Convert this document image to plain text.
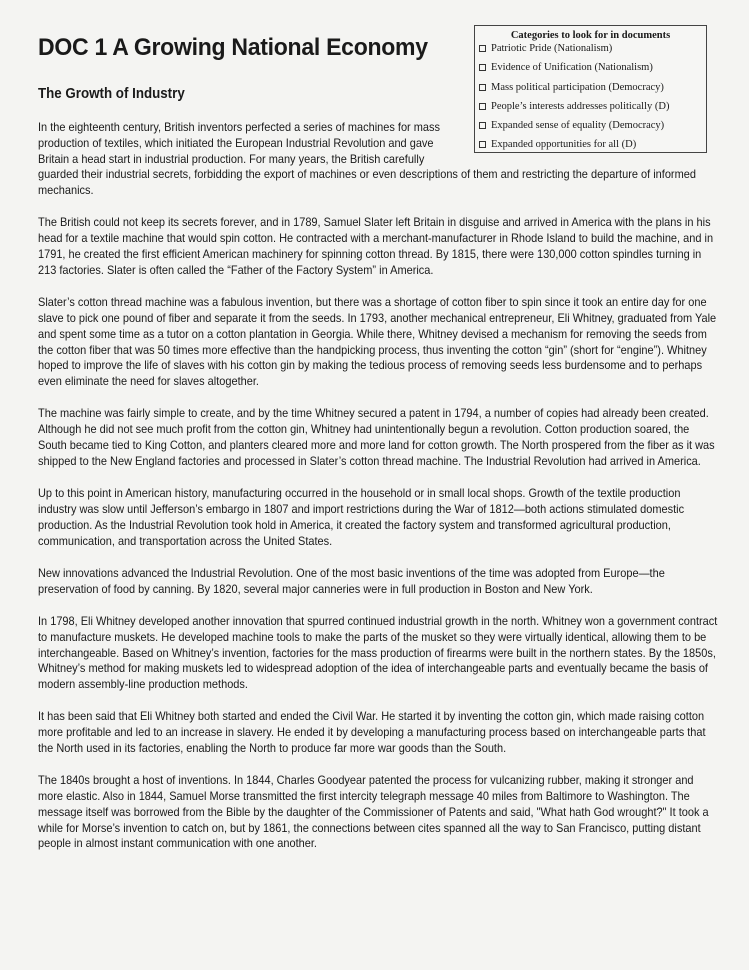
DOC 1 A Growing National Economy
The Growth of Industry
Categories to look for in documents
Patriotic Pride (Nationalism)
Evidence of Unification (Nationalism)
Mass political participation (Democracy)
People’s interests addresses politically (D)
Expanded sense of equality (Democracy)
Expanded opportunities for all (D)

In the eighteenth century, British inventors perfected a series of machines for mass production of textiles, which initiated the European Industrial Revolution and gave Britain a head start in industrial production. For many years, the British carefully guarded their industrial secrets, forbidding the export of machines or even descriptions of them and restricting the departure of informed mechanics.

The British could not keep its secrets forever, and in 1789, Samuel Slater left Britain in disguise and arrived in America with the plans in his head for a textile machine that would spin cotton. He contracted with a merchant-manufacturer in Rhode Island to build the machine, and in 1791, he created the first efficient American machinery for spinning cotton thread. By 1815, there were 130,000 cotton spindles turning in 213 factories. Slater is often called the “Father of the Factory System” in America.

Slater’s cotton thread machine was a fabulous invention, but there was a shortage of cotton fiber to spin since it took an entire day for one slave to pick one pound of fiber and separate it from the seeds. In 1793, another mechanical entrepreneur, Eli Whitney, graduated from Yale and spent some time as a tutor on a cotton plantation in Georgia. While there, Whitney devised a mechanism for removing the seeds from the cotton fiber that was 50 times more effective than the handpicking process, thus inventing the cotton “gin” (short for “engine”). Whitney hoped to improve the life of slaves with his cotton gin by making the tedious process of removing seeds less burdensome and to perhaps even eliminate the need for slaves altogether.

The machine was fairly simple to create, and by the time Whitney secured a patent in 1794, a number of copies had already been created. Although he did not see much profit from the cotton gin, Whitney had unintentionally begun a revolution. Cotton production soared, the South became tied to King Cotton, and planters cleared more and more land for cotton growth. The North prospered from the fiber as it was shipped to the New England factories and processed in Slater’s cotton thread machine. The Industrial Revolution had arrived in America.

Up to this point in American history, manufacturing occurred in the household or in small local shops. Growth of the textile production industry was slow until Jefferson’s embargo in 1807 and import restrictions during the War of 1812—both actions stimulated domestic production. As the Industrial Revolution took hold in America, it created the factory system and transformed agricultural production, communication, and transportation across the United States.

New innovations advanced the Industrial Revolution. One of the most basic inventions of the time was adopted from Europe—the preservation of food by canning. By 1820, several major canneries were in full production in Boston and New York.

In 1798, Eli Whitney developed another innovation that spurred continued industrial growth in the north. Whitney won a government contract to manufacture muskets. He developed machine tools to make the parts of the musket so they were virtually identical, allowing them to be interchangeable. Based on Whitney’s invention, factories for the mass production of firearms were built in the northern states. By the 1850s, Whitney’s method for making muskets led to widespread adoption of the idea of interchangeable parts and eventually became the basis of modern assembly-line production methods.

It has been said that Eli Whitney both started and ended the Civil War. He started it by inventing the cotton gin, which made raising cotton more profitable and led to an increase in slavery. He ended it by developing a manufacturing process based on interchangeable parts that the North used in its factories, enabling the North to produce far more war goods than the South.

The 1840s brought a host of inventions. In 1844, Charles Goodyear patented the process for vulcanizing rubber, making it stronger and more elastic. Also in 1844, Samuel Morse transmitted the first intercity telegraph message 40 miles from Baltimore to Washington. The message itself was borrowed from the Bible by the daughter of the Commissioner of Patents and said, "What hath God wrought?" It took a while for Morse’s invention to catch on, but by 1861, the connections between cites spanned all the way to San Francisco, putting distant people in almost instant communication with one another.
